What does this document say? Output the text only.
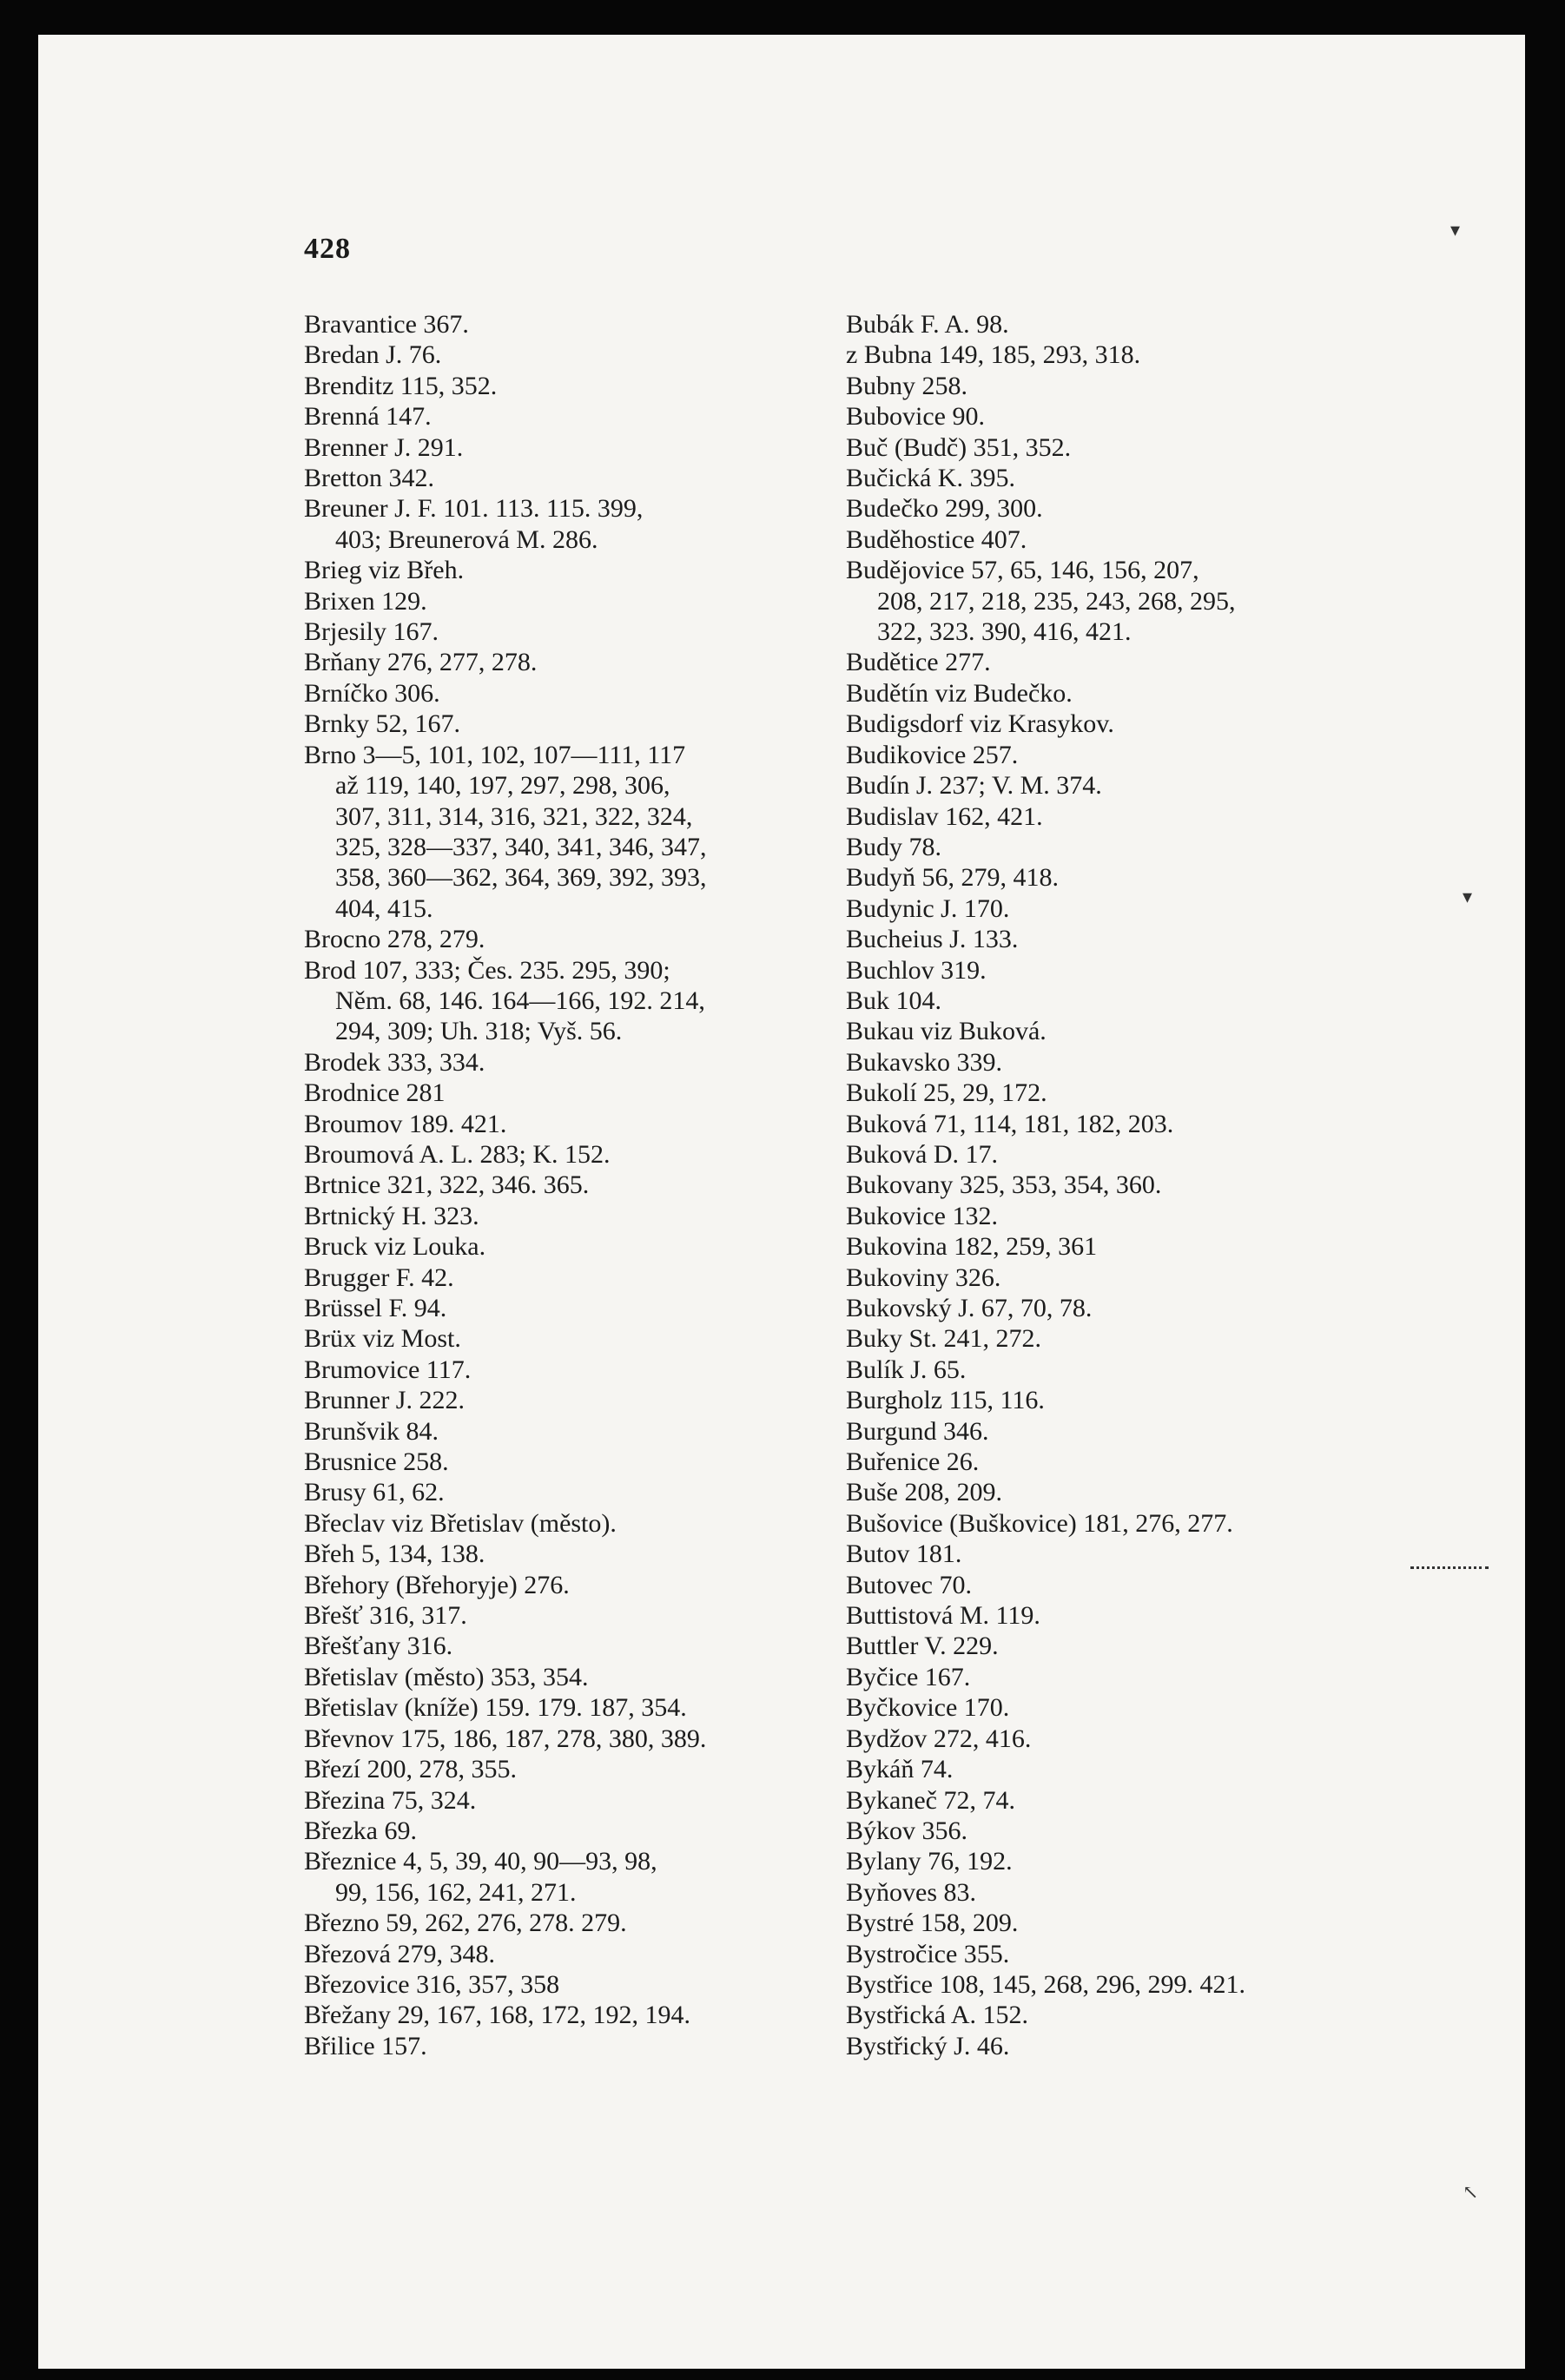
428
Bravantice 367.
Bredan J. 76.
Brenditz 115, 352.
Brenná 147.
Brenner J. 291.
Bretton 342.
Breuner J. F. 101. 113. 115. 399,
403; Breunerová M. 286.
Brieg viz Břeh.
Brixen 129.
Brjesily 167.
Brňany 276, 277, 278.
Brníčko 306.
Brnky 52, 167.
Brno 3—5, 101, 102, 107—111, 117
až 119, 140, 197, 297, 298, 306,
307, 311, 314, 316, 321, 322, 324,
325, 328—337, 340, 341, 346, 347,
358, 360—362, 364, 369, 392, 393,
404, 415.
Brocno 278, 279.
Brod 107, 333; Čes. 235. 295, 390;
Něm. 68, 146. 164—166, 192. 214,
294, 309; Uh. 318; Vyš. 56.
Brodek 333, 334.
Brodnice 281
Broumov 189. 421.
Broumová A. L. 283; K. 152.
Brtnice 321, 322, 346. 365.
Brtnický H. 323.
Bruck viz Louka.
Brugger F. 42.
Brüssel F. 94.
Brüx viz Most.
Brumovice 117.
Brunner J. 222.
Brunšvik 84.
Brusnice 258.
Brusy 61, 62.
Břeclav viz Břetislav (město).
Břeh 5, 134, 138.
Břehory (Břehoryje) 276.
Břešť 316, 317.
Břešťany 316.
Břetislav (město) 353, 354.
Břetislav (kníže) 159. 179. 187, 354.
Břevnov 175, 186, 187, 278, 380, 389.
Březí 200, 278, 355.
Březina 75, 324.
Březka 69.
Březnice 4, 5, 39, 40, 90—93, 98,
99, 156, 162, 241, 271.
Březno 59, 262, 276, 278. 279.
Březová 279, 348.
Březovice 316, 357, 358
Břežany 29, 167, 168, 172, 192, 194.
Břilice 157.
Bubák F. A. 98.
z Bubna 149, 185, 293, 318.
Bubny 258.
Bubovice 90.
Buč (Budč) 351, 352.
Bučická K. 395.
Budečko 299, 300.
Buděhostice 407.
Budějovice 57, 65, 146, 156, 207,
208, 217, 218, 235, 243, 268, 295,
322, 323. 390, 416, 421.
Budětice 277.
Budětín viz Budečko.
Budigsdorf viz Krasykov.
Budikovice 257.
Budín J. 237; V. M. 374.
Budislav 162, 421.
Budy 78.
Budyň 56, 279, 418.
Budynic J. 170.
Bucheius J. 133.
Buchlov 319.
Buk 104.
Bukau viz Buková.
Bukavsko 339.
Bukolí 25, 29, 172.
Buková 71, 114, 181, 182, 203.
Buková D. 17.
Bukovany 325, 353, 354, 360.
Bukovice 132.
Bukovina 182, 259, 361
Bukoviny 326.
Bukovský J. 67, 70, 78.
Buky St. 241, 272.
Bulík J. 65.
Burgholz 115, 116.
Burgund 346.
Buřenice 26.
Buše 208, 209.
Bušovice (Buškovice) 181, 276, 277.
Butov 181.
Butovec 70.
Buttistová M. 119.
Buttler V. 229.
Byčice 167.
Byčkovice 170.
Bydžov 272, 416.
Bykáň 74.
Bykaneč 72, 74.
Býkov 356.
Bylany 76, 192.
Byňoves 83.
Bystré 158, 209.
Bystročice 355.
Bystřice 108, 145, 268, 296, 299. 421.
Bystřická A. 152.
Bystřický J. 46.
▾
▾
↖
